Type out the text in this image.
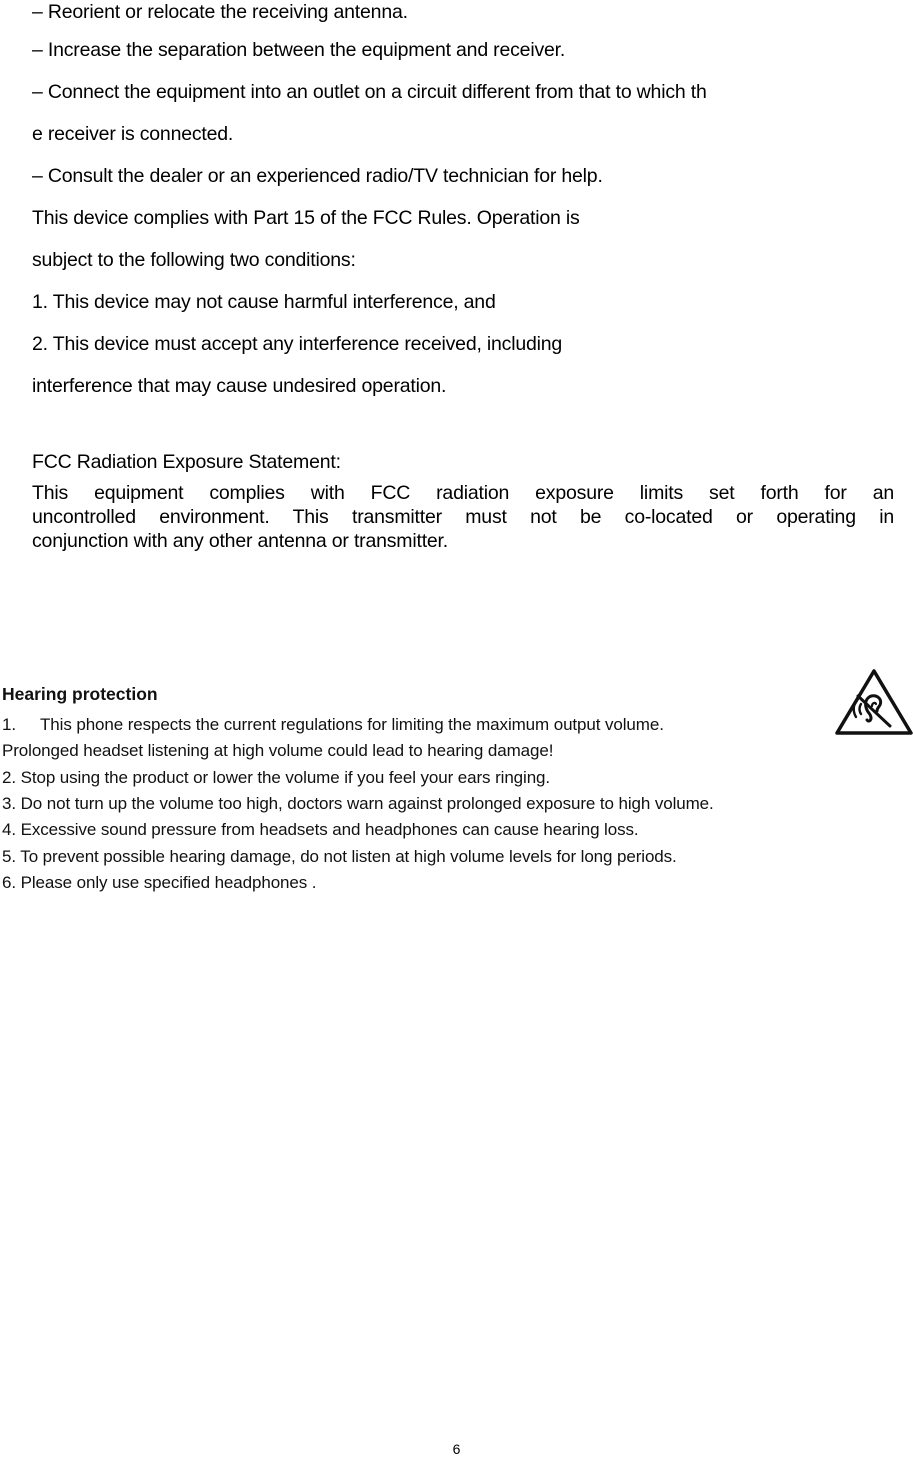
– Reorient or relocate the receiving antenna.
– Increase the separation between the equipment and receiver.
– Connect the equipment into an outlet on a circuit different from that to which th
e receiver is connected.
– Consult the dealer or an experienced radio/TV technician for help.
This device complies with Part 15 of the FCC Rules. Operation is
subject to the following two conditions:
1. This device may not cause harmful interference, and
2. This device must accept any interference received, including
interference that may cause undesired operation.
FCC Radiation Exposure Statement:
This equipment complies with FCC radiation exposure limits set forth for an
uncontrolled environment. This transmitter must not be co-located or operating in
conjunction with any other antenna or transmitter.
Hearing protection
1. This phone respects the current regulations for limiting the maximum output volume.
Prolonged headset listening at high volume could lead to hearing damage!
2. Stop using the product or lower the volume if you feel your ears ringing.
3. Do not turn up the volume too high, doctors warn against prolonged exposure to high volume.
4. Excessive sound pressure from headsets and headphones can cause hearing loss.
5. To prevent possible hearing damage, do not listen at high volume levels for long periods.
6. Please only use specified headphones .
6
